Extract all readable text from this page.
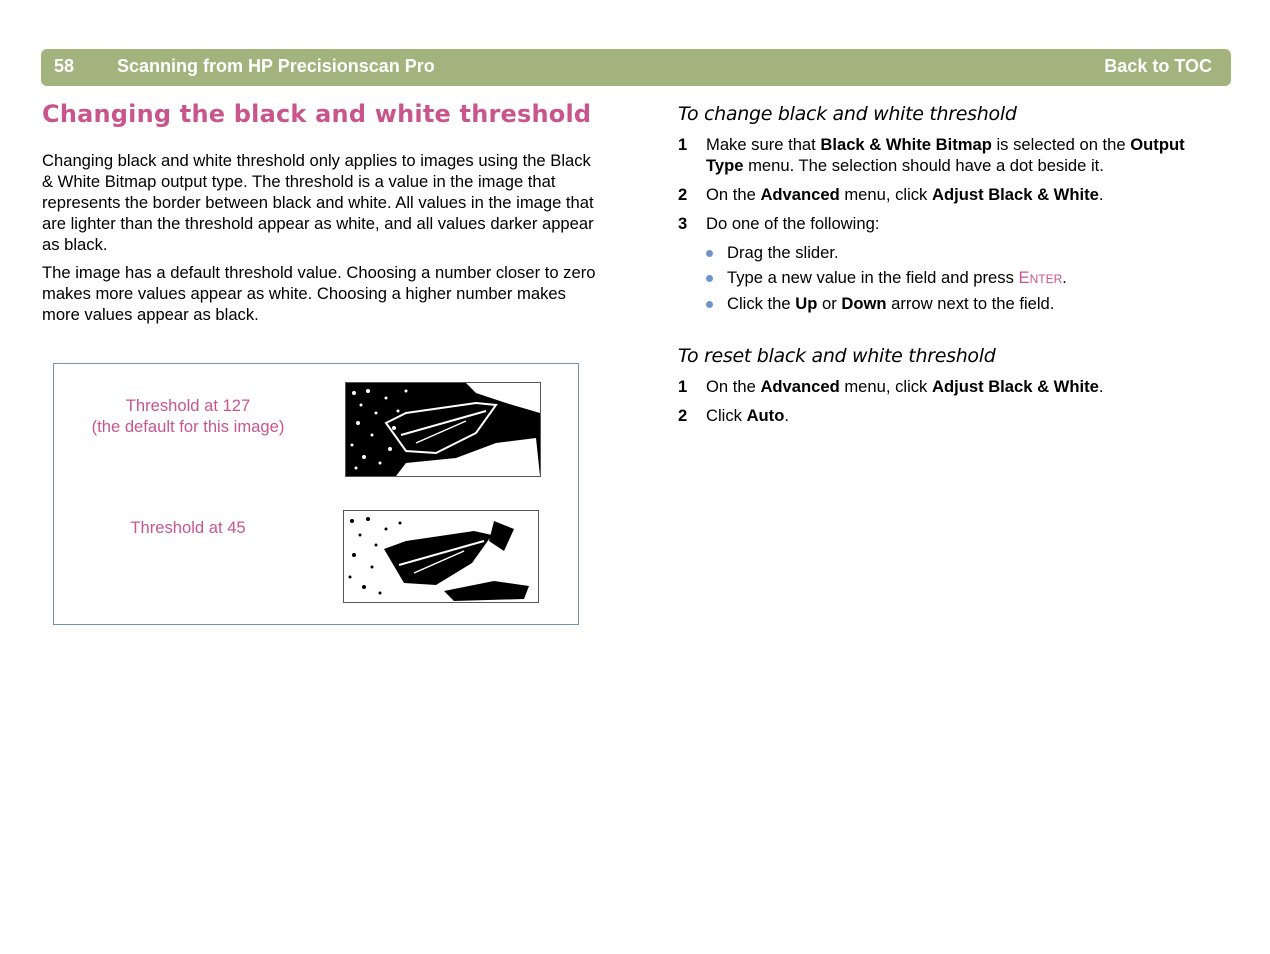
58 Scanning from HP Precisionscan Pro	Back to TOC
Changing the black and white threshold

Changing black and white threshold only applies to images using the Black & White Bitmap output type. The threshold is a value in the image that represents the border between black and white. All values in the image that are lighter than the threshold appear as white, and all values darker appear as black.

The image has a default threshold value. Choosing a number closer to zero makes more values appear as white. Choosing a higher number makes more values appear as black.

Threshold at 127
(the default for this image)
Threshold at 45
To change black and white threshold
1 Make sure that Black & White Bitmap is selected on the Output Type menu. The selection should have a dot beside it.
2 On the Advanced menu, click Adjust Black & White.
3 Do one of the following:
Drag the slider.
Type a new value in the field and press Enter.
Click the Up or Down arrow next to the field.
To reset black and white threshold
1 On the Advanced menu, click Adjust Black & White.
2 Click Auto.
